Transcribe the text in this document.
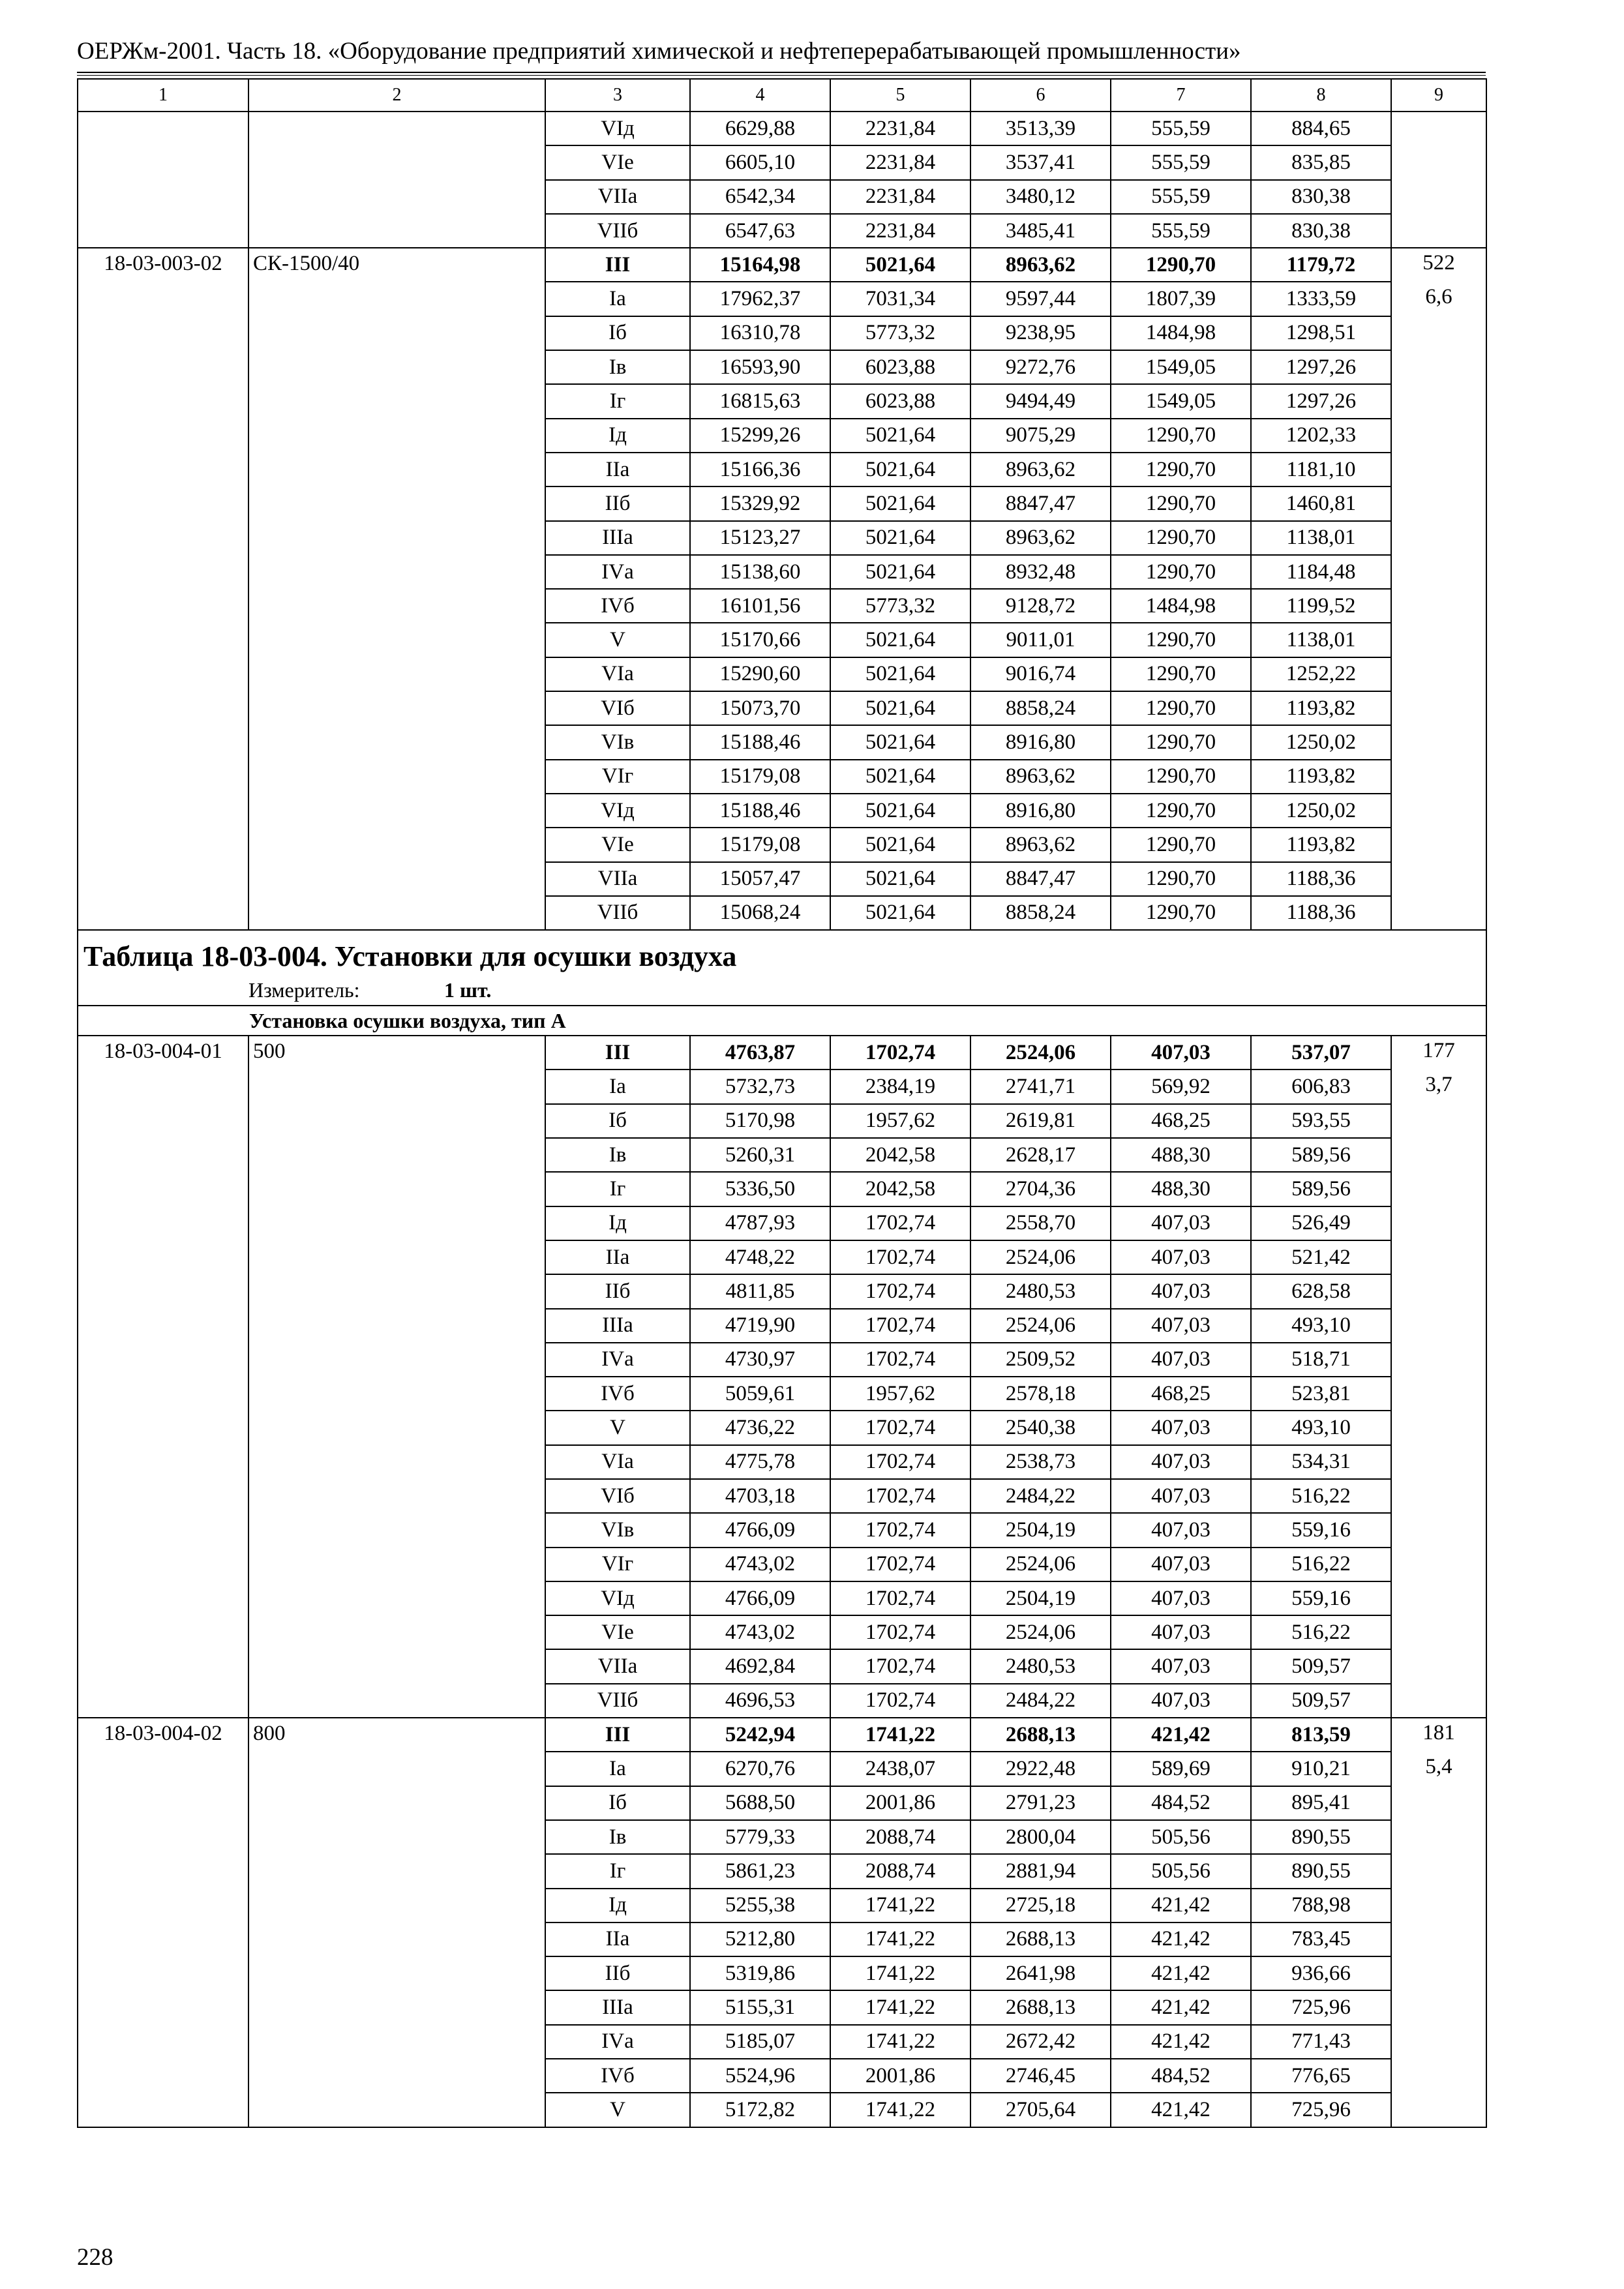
ОЕРЖм-2001. Часть 18. «Оборудование предприятий химической и нефтеперерабатывающей промышленности»
1	2	3	4	5	6	7	8	9
		VIд	6629,88	2231,84	3513,39	555,59	884,65	

		VIе	6605,10	2231,84	3537,41	555,59	835,85	
		VIIа	6542,34	2231,84	3480,12	555,59	830,38	
		VIIб	6547,63	2231,84	3485,41	555,59	830,38	
18-03-003-02	СК-1500/40	III	15164,98	5021,64	8963,62	1290,70	1179,72	522
6,6

		Iа	17962,37	7031,34	9597,44	1807,39	1333,59	
		Iб	16310,78	5773,32	9238,95	1484,98	1298,51	
		Iв	16593,90	6023,88	9272,76	1549,05	1297,26	
		Iг	16815,63	6023,88	9494,49	1549,05	1297,26	
		Iд	15299,26	5021,64	9075,29	1290,70	1202,33	
		IIа	15166,36	5021,64	8963,62	1290,70	1181,10	
		IIб	15329,92	5021,64	8847,47	1290,70	1460,81	
		IIIа	15123,27	5021,64	8963,62	1290,70	1138,01	
		IVа	15138,60	5021,64	8932,48	1290,70	1184,48	
		IVб	16101,56	5773,32	9128,72	1484,98	1199,52	
		V	15170,66	5021,64	9011,01	1290,70	1138,01	
		VIа	15290,60	5021,64	9016,74	1290,70	1252,22	
		VIб	15073,70	5021,64	8858,24	1290,70	1193,82	
		VIв	15188,46	5021,64	8916,80	1290,70	1250,02	
		VIг	15179,08	5021,64	8963,62	1290,70	1193,82	
		VIд	15188,46	5021,64	8916,80	1290,70	1250,02	
		VIе	15179,08	5021,64	8963,62	1290,70	1193,82	
		VIIа	15057,47	5021,64	8847,47	1290,70	1188,36	
		VIIб	15068,24	5021,64	8858,24	1290,70	1188,36	
Таблица 18-03-004. Установки для осушки воздуха								
Измеритель: 1 шт.								
Установка осушки воздуха, тип А								
18-03-004-01	500	III	4763,87	1702,74	2524,06	407,03	537,07	177
3,7

		Iа	5732,73	2384,19	2741,71	569,92	606,83	
		Iб	5170,98	1957,62	2619,81	468,25	593,55	
		Iв	5260,31	2042,58	2628,17	488,30	589,56	
		Iг	5336,50	2042,58	2704,36	488,30	589,56	
		Iд	4787,93	1702,74	2558,70	407,03	526,49	
		IIа	4748,22	1702,74	2524,06	407,03	521,42	
		IIб	4811,85	1702,74	2480,53	407,03	628,58	
		IIIа	4719,90	1702,74	2524,06	407,03	493,10	
		IVа	4730,97	1702,74	2509,52	407,03	518,71	
		IVб	5059,61	1957,62	2578,18	468,25	523,81	
		V	4736,22	1702,74	2540,38	407,03	493,10	
		VIа	4775,78	1702,74	2538,73	407,03	534,31	
		VIб	4703,18	1702,74	2484,22	407,03	516,22	
		VIв	4766,09	1702,74	2504,19	407,03	559,16	
		VIг	4743,02	1702,74	2524,06	407,03	516,22	
		VIд	4766,09	1702,74	2504,19	407,03	559,16	
		VIе	4743,02	1702,74	2524,06	407,03	516,22	
		VIIа	4692,84	1702,74	2480,53	407,03	509,57	
		VIIб	4696,53	1702,74	2484,22	407,03	509,57	
18-03-004-02	800	III	5242,94	1741,22	2688,13	421,42	813,59	181
5,4

		Iа	6270,76	2438,07	2922,48	589,69	910,21	
		Iб	5688,50	2001,86	2791,23	484,52	895,41	
		Iв	5779,33	2088,74	2800,04	505,56	890,55	
		Iг	5861,23	2088,74	2881,94	505,56	890,55	
		Iд	5255,38	1741,22	2725,18	421,42	788,98	
		IIа	5212,80	1741,22	2688,13	421,42	783,45	
		IIб	5319,86	1741,22	2641,98	421,42	936,66	
		IIIа	5155,31	1741,22	2688,13	421,42	725,96	
		IVа	5185,07	1741,22	2672,42	421,42	771,43	
		IVб	5524,96	2001,86	2746,45	484,52	776,65	
		V	5172,82	1741,22	2705,64	421,42	725,96	
228
